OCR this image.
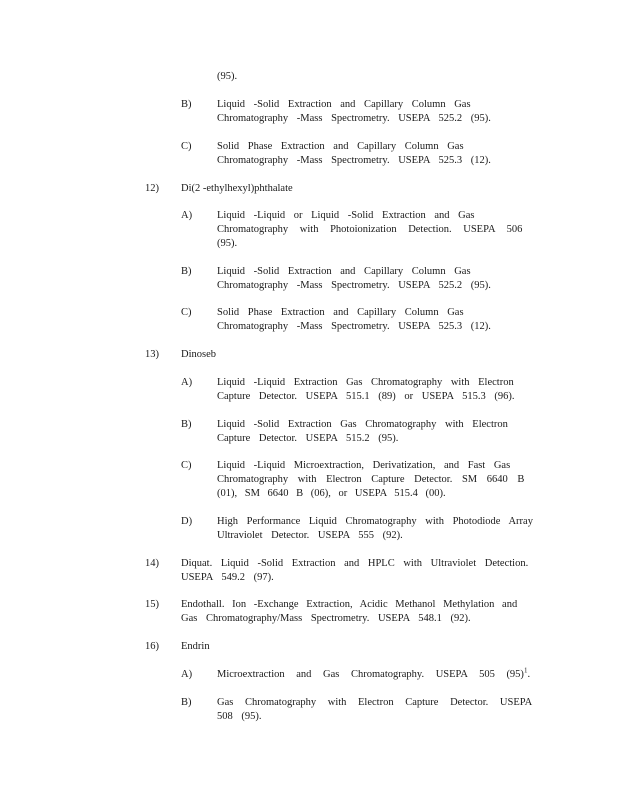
(95).
B) Liquid -Solid Extraction and Capillary Column Gas
Chromatography -Mass Spectrometry. USEPA 525.2 (95).
C) Solid Phase Extraction and Capillary Column Gas
Chromatography -Mass Spectrometry. USEPA 525.3 (12).
12) Di(2 -ethylhexyl)phthalate
A) Liquid -Liquid or Liquid -Solid Extraction and Gas
Chromatography with Photoionization Detection. USEPA 506
(95).
B) Liquid -Solid Extraction and Capillary Column Gas
Chromatography -Mass Spectrometry. USEPA 525.2 (95).
C) Solid Phase Extraction and Capillary Column Gas
Chromatography -Mass Spectrometry. USEPA 525.3 (12).
13) Dinoseb
A) Liquid -Liquid Extraction Gas Chromatography with Electron
Capture Detector. USEPA 515.1 (89) or USEPA 515.3 (96).
B) Liquid -Solid Extraction Gas Chromatography with Electron
Capture Detector. USEPA 515.2 (95).
C) Liquid -Liquid Microextraction, Derivatization, and Fast Gas
Chromatography with Electron Capture Detector. SM 6640 B
(01), SM 6640 B (06), or USEPA 515.4 (00).
D) High Performance Liquid Chromatography with Photodiode Array
Ultraviolet Detector. USEPA 555 (92).
14) Diquat. Liquid -Solid Extraction and HPLC with Ultraviolet Detection.
USEPA 549.2 (97).
15) Endothall. Ion -Exchange Extraction, Acidic Methanol Methylation and
Gas Chromatography/Mass Spectrometry. USEPA 548.1 (92).
16) Endrin
A) Microextraction and Gas Chromatography. USEPA 505 $(95)^1$.
B) Gas Chromatography with Electron Capture Detector. USEPA
508 (95).
